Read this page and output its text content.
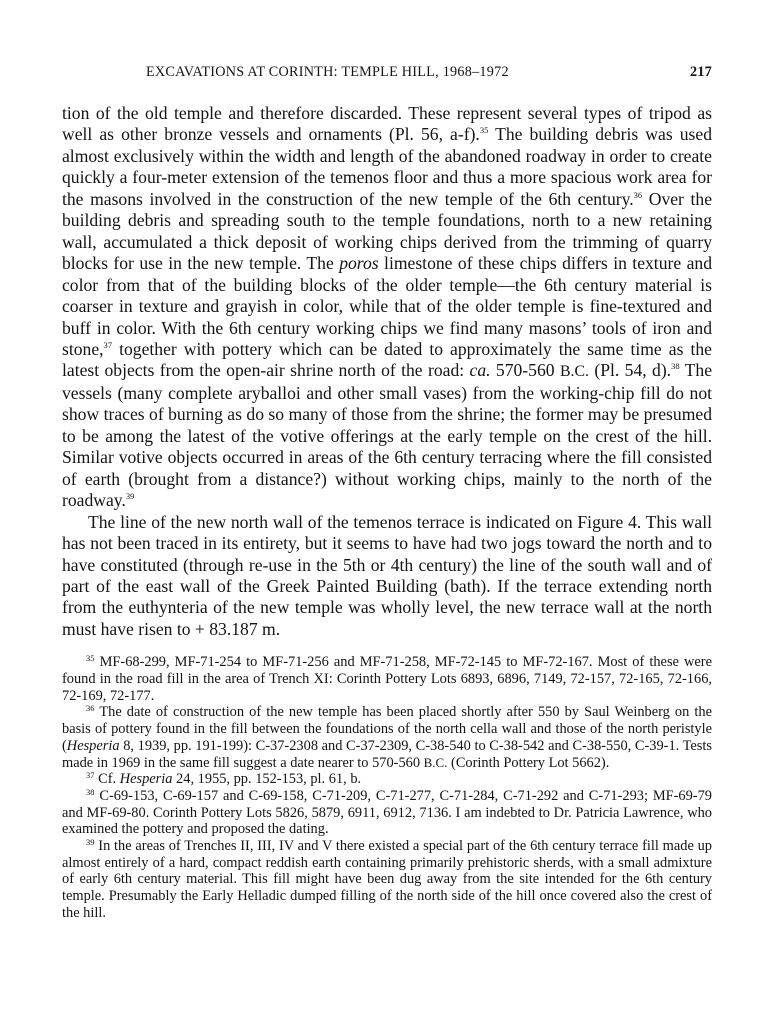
EXCAVATIONS AT CORINTH: TEMPLE HILL, 1968–1972	217

tion of the old temple and therefore discarded. These represent several types of tripod as well as other bronze vessels and ornaments (Pl. 56, a-f).$^{35}$ The building debris was used almost exclusively within the width and length of the abandoned roadway in order to create quickly a four-meter extension of the temenos floor and thus a more spacious work area for the masons involved in the construction of the new temple of the 6th century.$^{36}$ Over the building debris and spreading south to the temple foundations, north to a new retaining wall, accumulated a thick deposit of working chips derived from the trimming of quarry blocks for use in the new temple. The poros limestone of these chips differs in texture and color from that of the building blocks of the older temple—the 6th century material is coarser in texture and grayish in color, while that of the older temple is fine-textured and buff in color. With the 6th century working chips we find many masons’ tools of iron and stone,$^{37}$ together with pottery which can be dated to approximately the same time as the latest objects from the open-air shrine north of the road: ca. 570-560 B.C. (Pl. 54, d).$^{38}$ The vessels (many complete aryballoi and other small vases) from the working-chip fill do not show traces of burning as do so many of those from the shrine; the former may be presumed to be among the latest of the votive offerings at the early temple on the crest of the hill. Similar votive objects occurred in areas of the 6th century terracing where the fill consisted of earth (brought from a distance?) without working chips, mainly to the north of the roadway.$^{39}$

The line of the new north wall of the temenos terrace is indicated on Figure 4. This wall has not been traced in its entirety, but it seems to have had two jogs toward the north and to have constituted (through re-use in the 5th or 4th century) the line of the south wall and of part of the east wall of the Greek Painted Building (bath). If the terrace extending north from the euthynteria of the new temple was wholly level, the new terrace wall at the north must have risen to + 83.187 m.

$^{35}$ MF-68-299, MF-71-254 to MF-71-256 and MF-71-258, MF-72-145 to MF-72-167. Most of these were found in the road fill in the area of Trench XI: Corinth Pottery Lots 6893, 6896, 7149, 72-157, 72-165, 72-166, 72-169, 72-177.

$^{36}$ The date of construction of the new temple has been placed shortly after 550 by Saul Weinberg on the basis of pottery found in the fill between the foundations of the north cella wall and those of the north peristyle (Hesperia 8, 1939, pp. 191-199): C-37-2308 and C-37-2309, C-38-540 to C-38-542 and C-38-550, C-39-1. Tests made in 1969 in the same fill suggest a date nearer to 570-560 B.C. (Corinth Pottery Lot 5662).

$^{37}$ Cf. Hesperia 24, 1955, pp. 152-153, pl. 61, b.

$^{38}$ C-69-153, C-69-157 and C-69-158, C-71-209, C-71-277, C-71-284, C-71-292 and C-71-293; MF-69-79 and MF-69-80. Corinth Pottery Lots 5826, 5879, 6911, 6912, 7136. I am indebted to Dr. Patricia Lawrence, who examined the pottery and proposed the dating.

$^{39}$ In the areas of Trenches II, III, IV and V there existed a special part of the 6th century terrace fill made up almost entirely of a hard, compact reddish earth containing primarily prehistoric sherds, with a small admixture of early 6th century material. This fill might have been dug away from the site intended for the 6th century temple. Presumably the Early Helladic dumped filling of the north side of the hill once covered also the crest of the hill.
